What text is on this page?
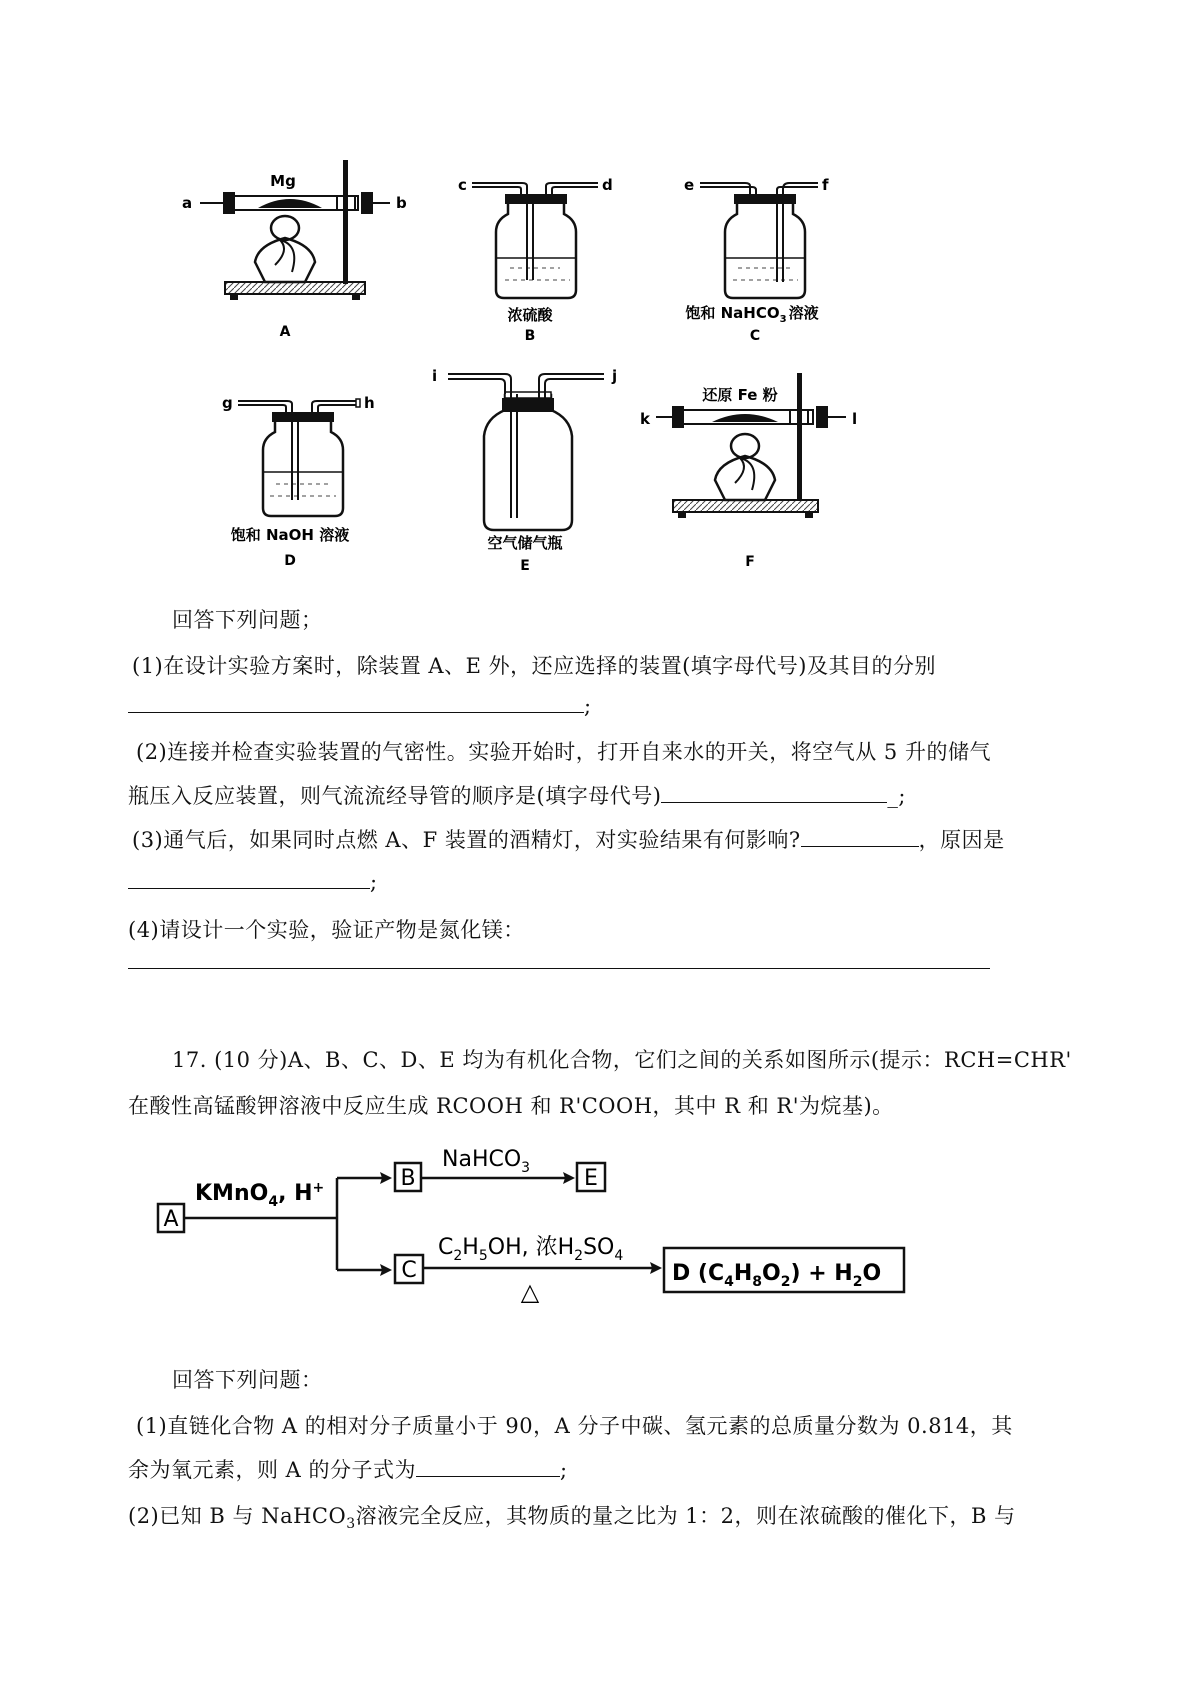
Mg
a	b
A
c	d
浓硫酸
B
e	f
饱和 NaHCO$_3$ 溶液
C
g	h
饱和 NaOH 溶液
D
i	j
空气储气瓶
E
还原 Fe 粉
k	l
F
回答下列问题；
(1)在设计实验方案时，除装置 A、E 外，还应选择的装置(填字母代号)及其目的分别
;
(2)连接并检查实验装置的气密性。实验开始时，打开自来水的开关，将空气从 5 升的储气
瓶压入反应装置，则气流流经导管的顺序是(填字母代号)	_;
(3)通气后，如果同时点燃 A、F 装置的酒精灯，对实验结果有何影响?	，原因是
;
(4)请设计一个实验，验证产物是氮化镁：
17. (10 分)A、B、C、D、E 均为有机化合物，它们之间的关系如图所示(提示：RCH=CHR'
在酸性高锰酸钾溶液中反应生成 RCOOH 和 R'COOH，其中 R 和 R'为烷基)。
A
KMnO$_4$, H+	B
NaHCO$_3$ E
C
$C_2H_5OH$, 浓$H_2SO_4$
△
D $(C_4H_8O_2) + H_2O$
回答下列问题：
(1)直链化合物 A 的相对分子质量小于 90，A 分子中碳、氢元素的总质量分数为 0.814，其
余为氧元素，则 A 的分子式为	;
(2)已知 B 与 NaHCO$_3$溶液完全反应，其物质的量之比为 1：2，则在浓硫酸的催化下，B 与
